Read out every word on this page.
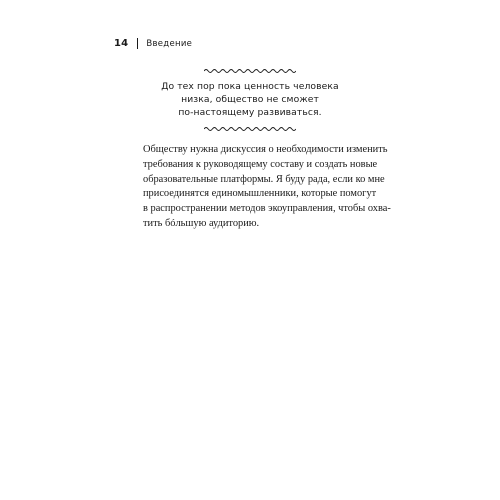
14 Введение
До тех пор пока ценность человека
низка, общество не сможет
по-настоящему развиваться.
Обществу нужна дискуссия о необходимости изменить
требования к руководящему составу и создать новые
образовательные платформы. Я буду рада, если ко мне
присоединятся единомышленники, которые помогут
в распространении методов экоуправления, чтобы охва-
тить бóльшую аудиторию.
